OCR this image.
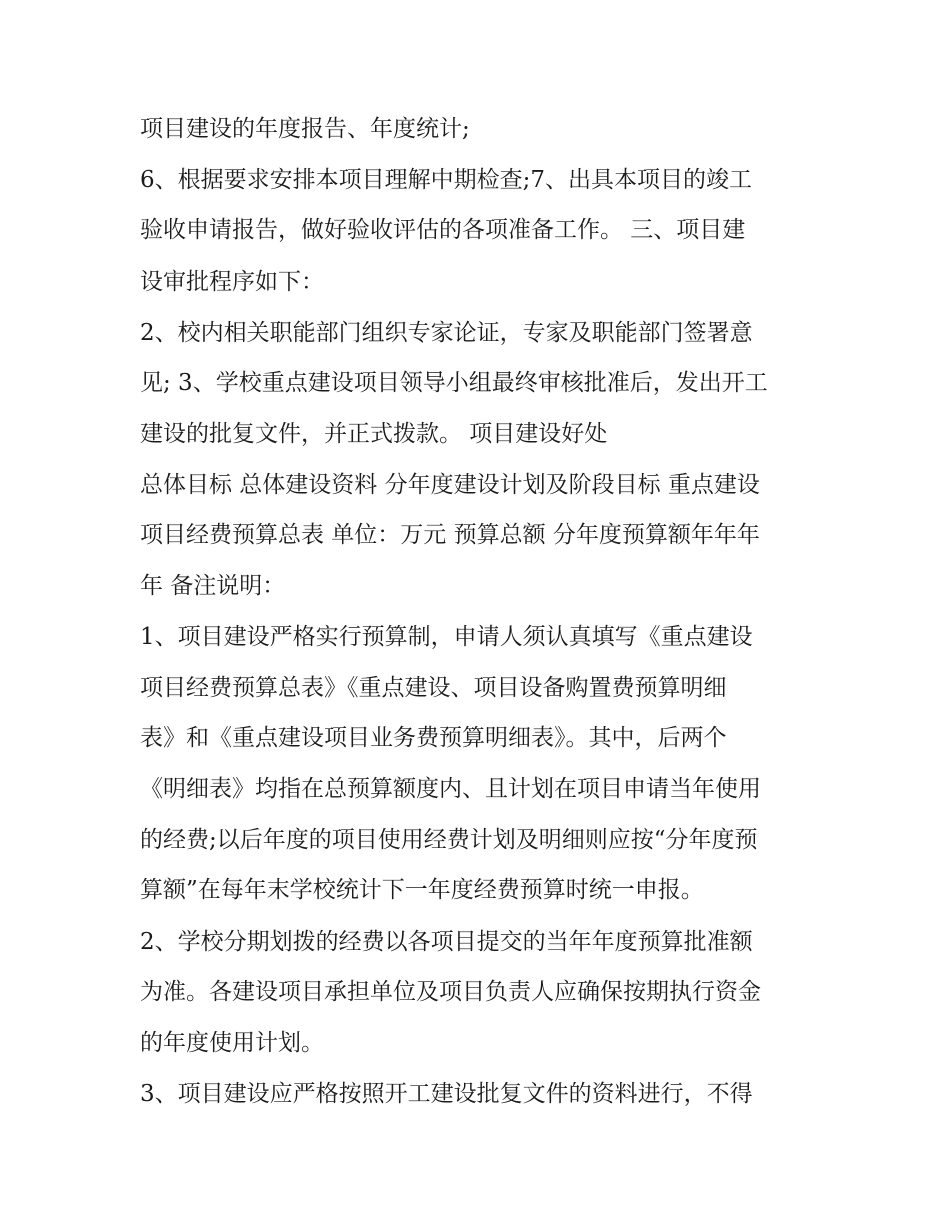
项目建设的年度报告、年度统计;
6、根据要求安排本项目理解中期检查;7、出具本项目的竣工
验收申请报告，做好验收评估的各项准备工作。 三、项目建
设审批程序如下：
2、校内相关职能部门组织专家论证，专家及职能部门签署意
见; 3、学校重点建设项目领导小组最终审核批准后，发出开工
建设的批复文件，并正式拨款。 项目建设好处
总体目标 总体建设资料 分年度建设计划及阶段目标 重点建设
项目经费预算总表 单位：万元 预算总额 分年度预算额年年年
年 备注说明：
1、项目建设严格实行预算制，申请人须认真填写《重点建设
项目经费预算总表》《重点建设、项目设备购置费预算明细
表》和《重点建设项目业务费预算明细表》。其中，后两个
《明细表》均指在总预算额度内、且计划在项目申请当年使用
的经费;以后年度的项目使用经费计划及明细则应按“分年度预
算额”在每年末学校统计下一年度经费预算时统一申报。
2、学校分期划拨的经费以各项目提交的当年年度预算批准额
为准。各建设项目承担单位及项目负责人应确保按期执行资金
的年度使用计划。
3、项目建设应严格按照开工建设批复文件的资料进行，不得
